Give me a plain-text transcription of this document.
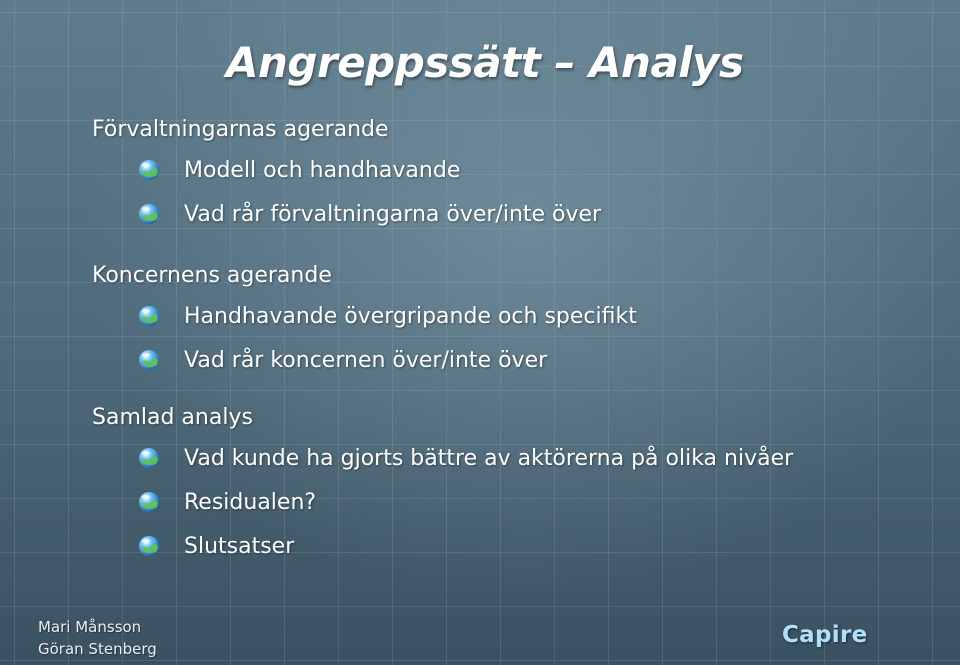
Angreppssätt – Analys
Förvaltningarnas agerande
Modell och handhavande
Vad rår förvaltningarna över/inte över
Koncernens agerande
Handhavande övergripande och specifikt
Vad rår koncernen över/inte över
Samlad analys
Vad kunde ha gjorts bättre av aktörerna på olika nivåer
Residualen?
Slutsatser
Mari Månsson
Göran Stenberg
Capire
